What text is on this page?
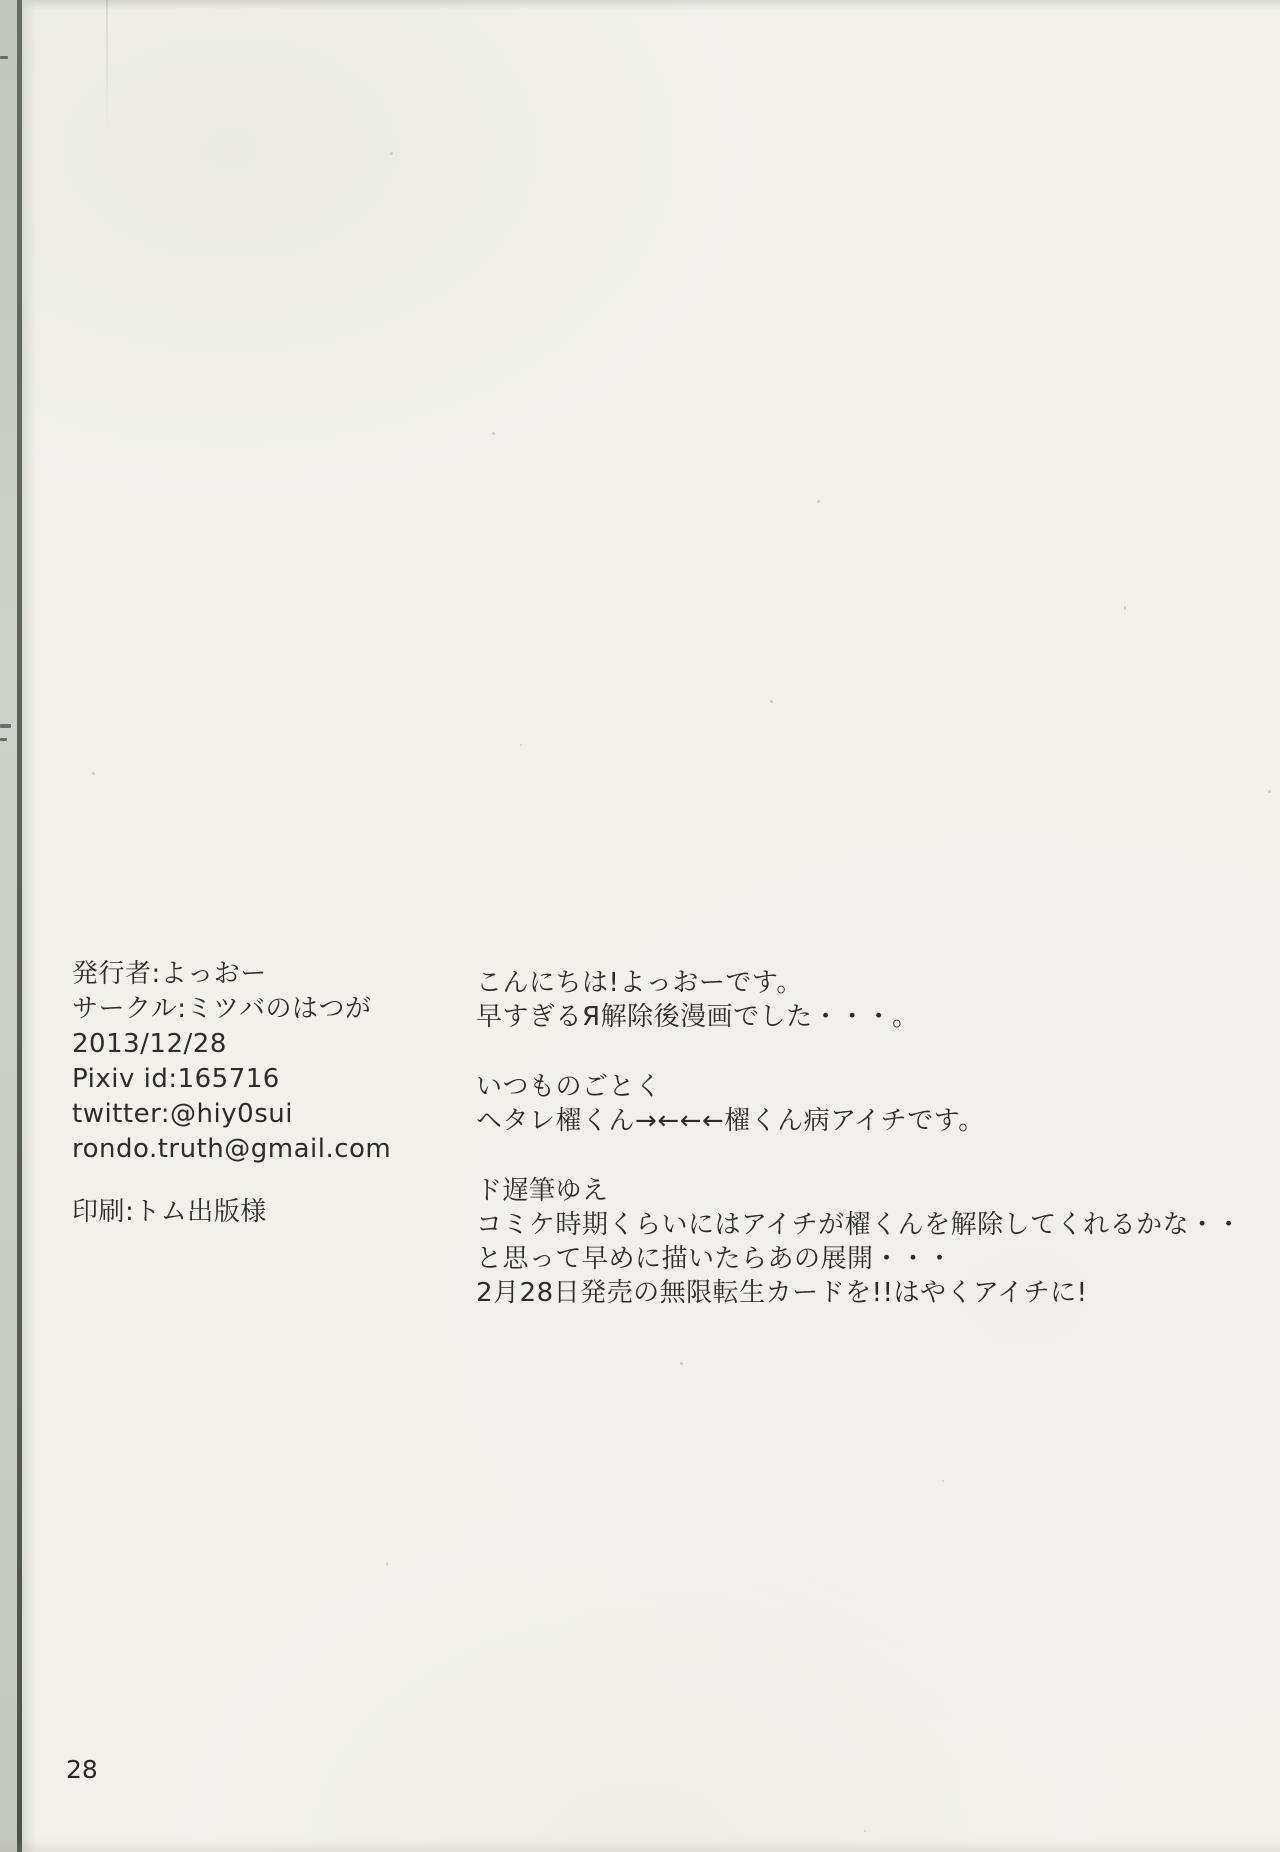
発行者:よっおー
サークル:ミツバのはつが
2013/12/28
Pixiv id:165716
twitter:@hiy0sui
rondo.truth@gmail.com
印刷:トム出版様
こんにちは!よっおーです。
早すぎるЯ解除後漫画でした・・・。
いつものごとく
ヘタレ櫂くん→←←←櫂くん病アイチです。
ド遅筆ゆえ
コミケ時期くらいにはアイチが櫂くんを解除してくれるかな・・
と思って早めに描いたらあの展開・・・
2月28日発売の無限転生カードを!!はやくアイチに!
28
